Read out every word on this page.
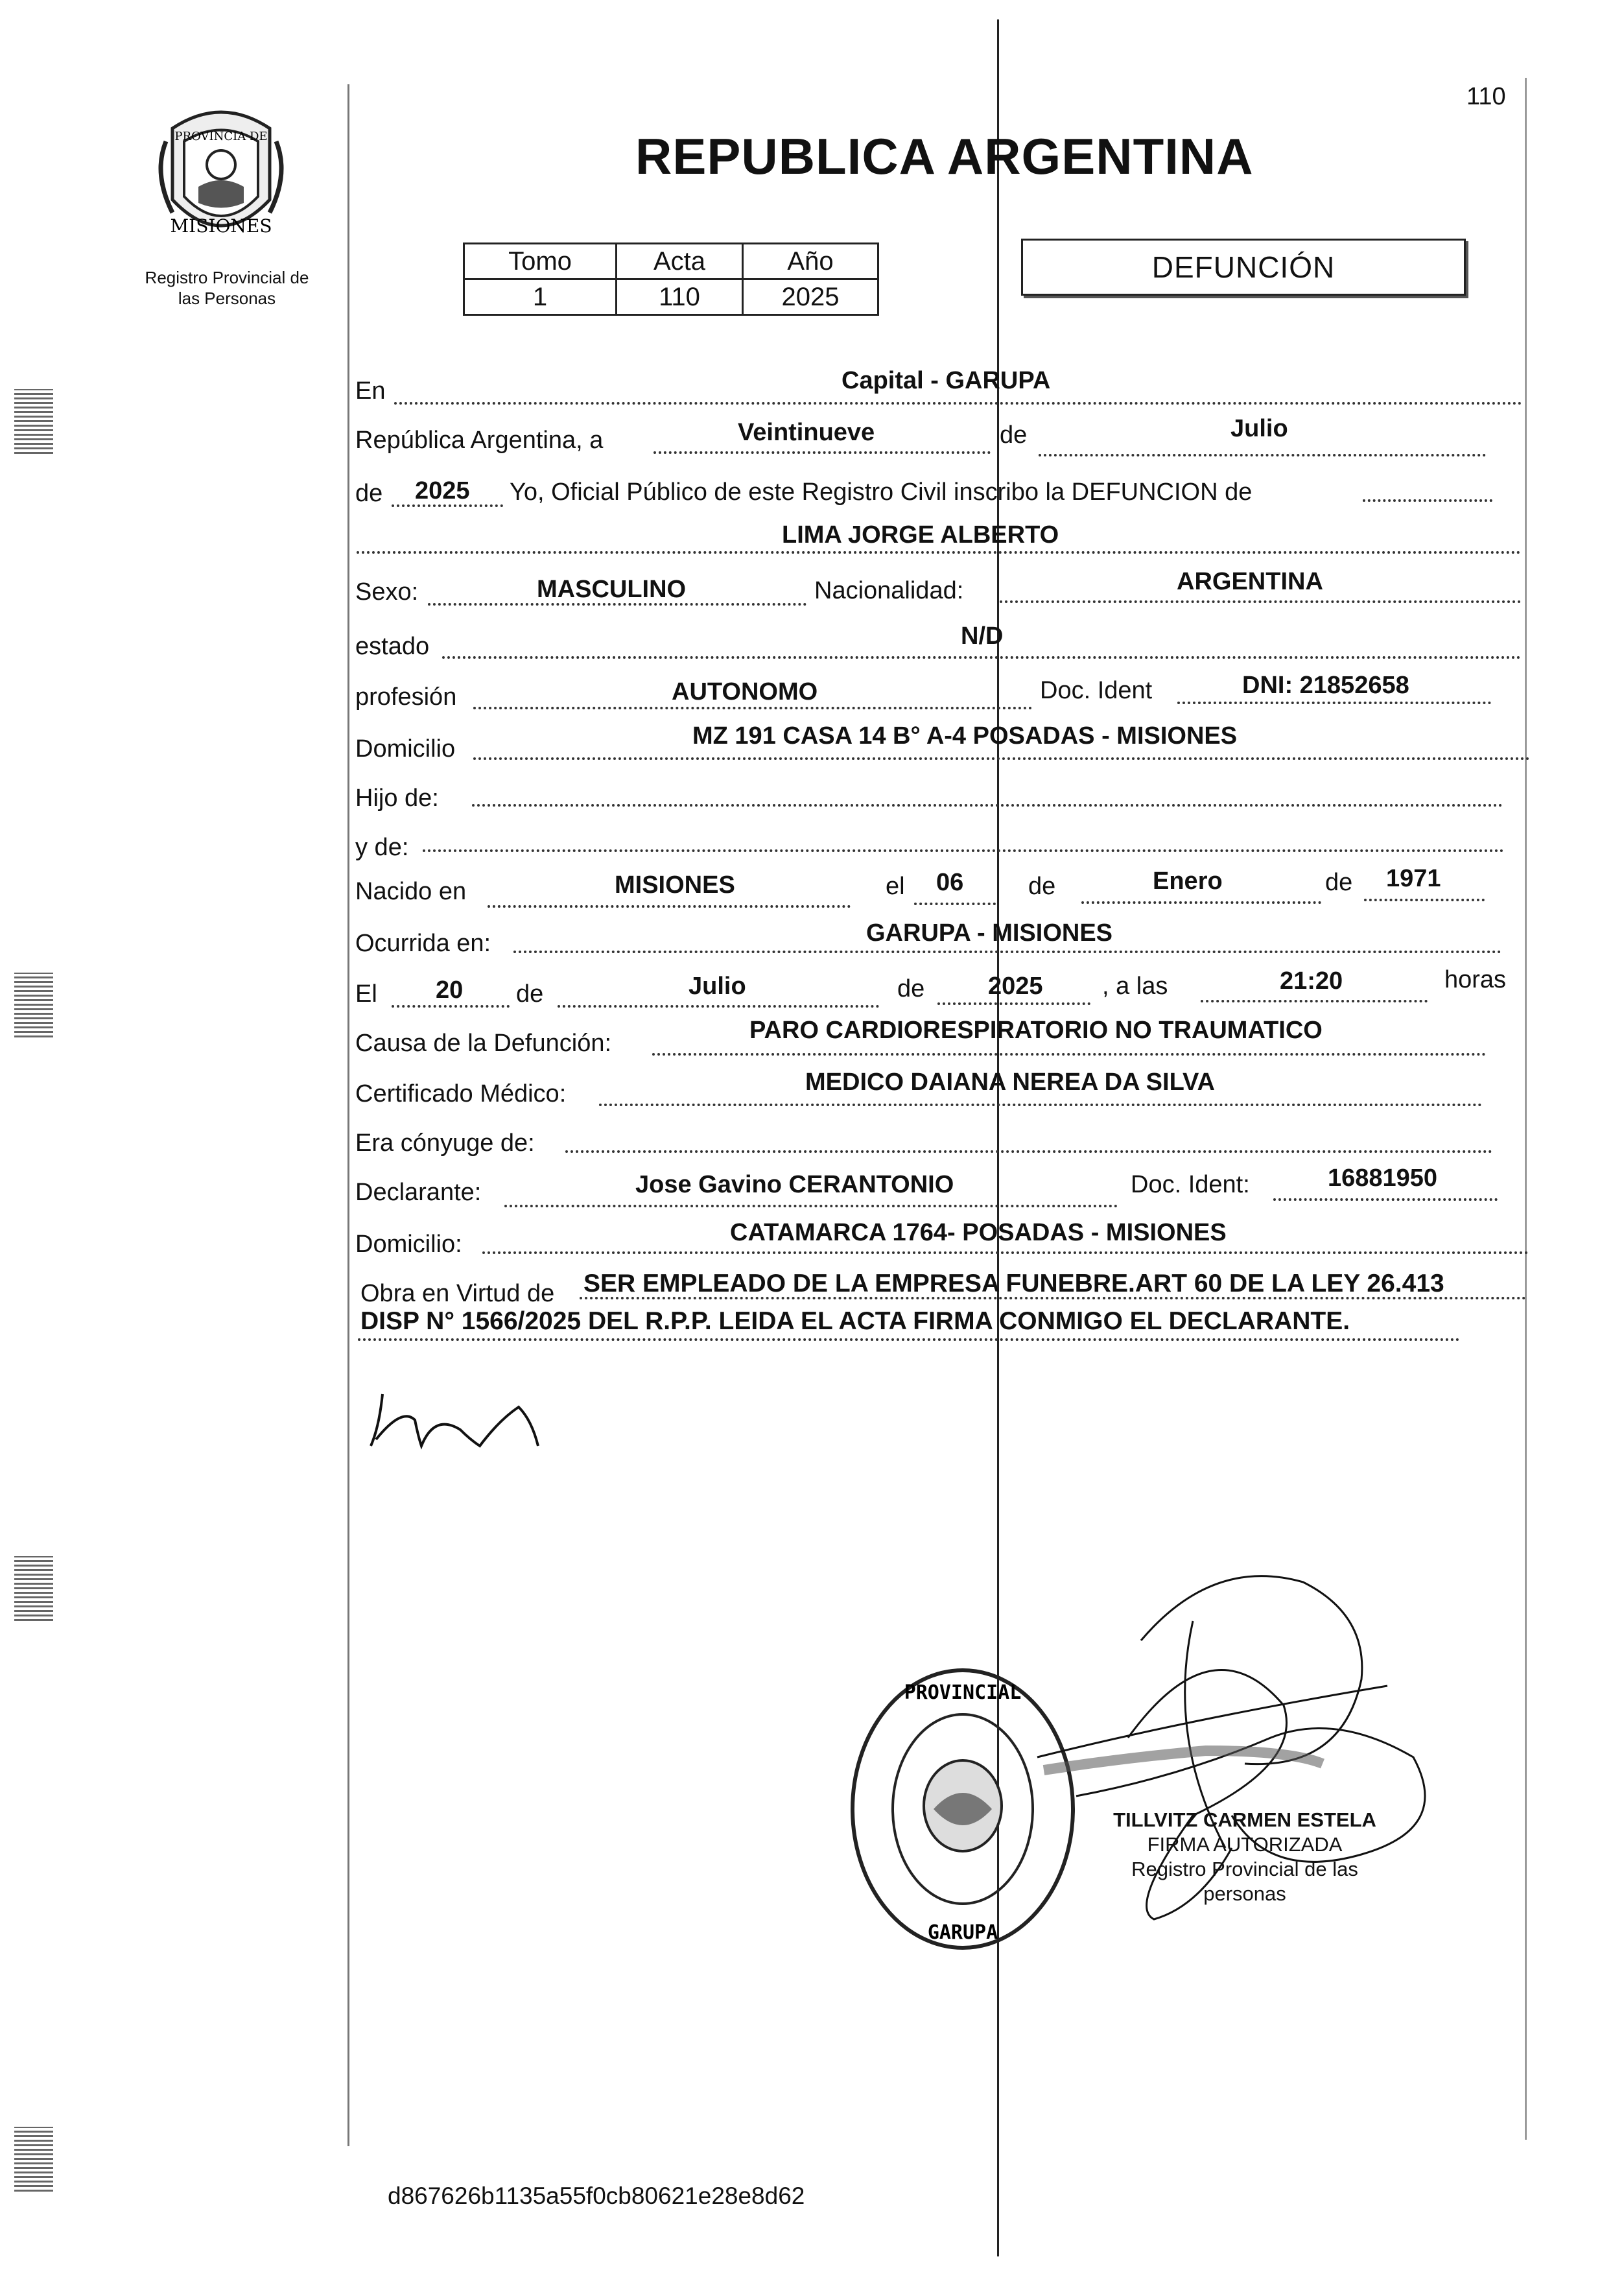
110
PROVINCIA DE
MISIONES
Registro Provincial de
las Personas
REPUBLICA ARGENTINA
Tomo	Acta	Año
1	110	2025
DEFUNCIÓN
En	Capital - GARUPA
República Argentina, a	Veintinueve	de	Julio
de 2025 Yo, Oficial Público de este Registro Civil inscribo la DEFUNCION de
LIMA JORGE ALBERTO
Sexo:	MASCULINO	Nacionalidad:	ARGENTINA
estado	N/D
profesión	AUTONOMO	Doc. Ident	DNI: 21852658
Domicilio	MZ 191 CASA 14 B° A-4 POSADAS - MISIONES
Hijo de:
y de:
Nacido en	MISIONES	el 06	de	Enero	de 1971
Ocurrida en:	GARUPA - MISIONES
El 20 de	Julio	de	2025 , a las	21:20	horas
Causa de la Defunción:	PARO CARDIORESPIRATORIO NO TRAUMATICO
Certificado Médico:	MEDICO DAIANA NEREA DA SILVA
Era cónyuge de:
Declarante:	Jose Gavino CERANTONIO	Doc. Ident:	16881950
Domicilio:	CATAMARCA 1764- POSADAS - MISIONES
Obra en Virtud de SER EMPLEADO DE LA EMPRESA FUNEBRE.ART 60 DE LA LEY 26.413
DISP N° 1566/2025 DEL R.P.P. LEIDA EL ACTA FIRMA CONMIGO EL DECLARANTE.
PROVINCIAL
GARUPA
TILLVITZ CARMEN ESTELA
FIRMA AUTORIZADA
Registro Provincial de las personas
d867626b1135a55f0cb80621e28e8d62
